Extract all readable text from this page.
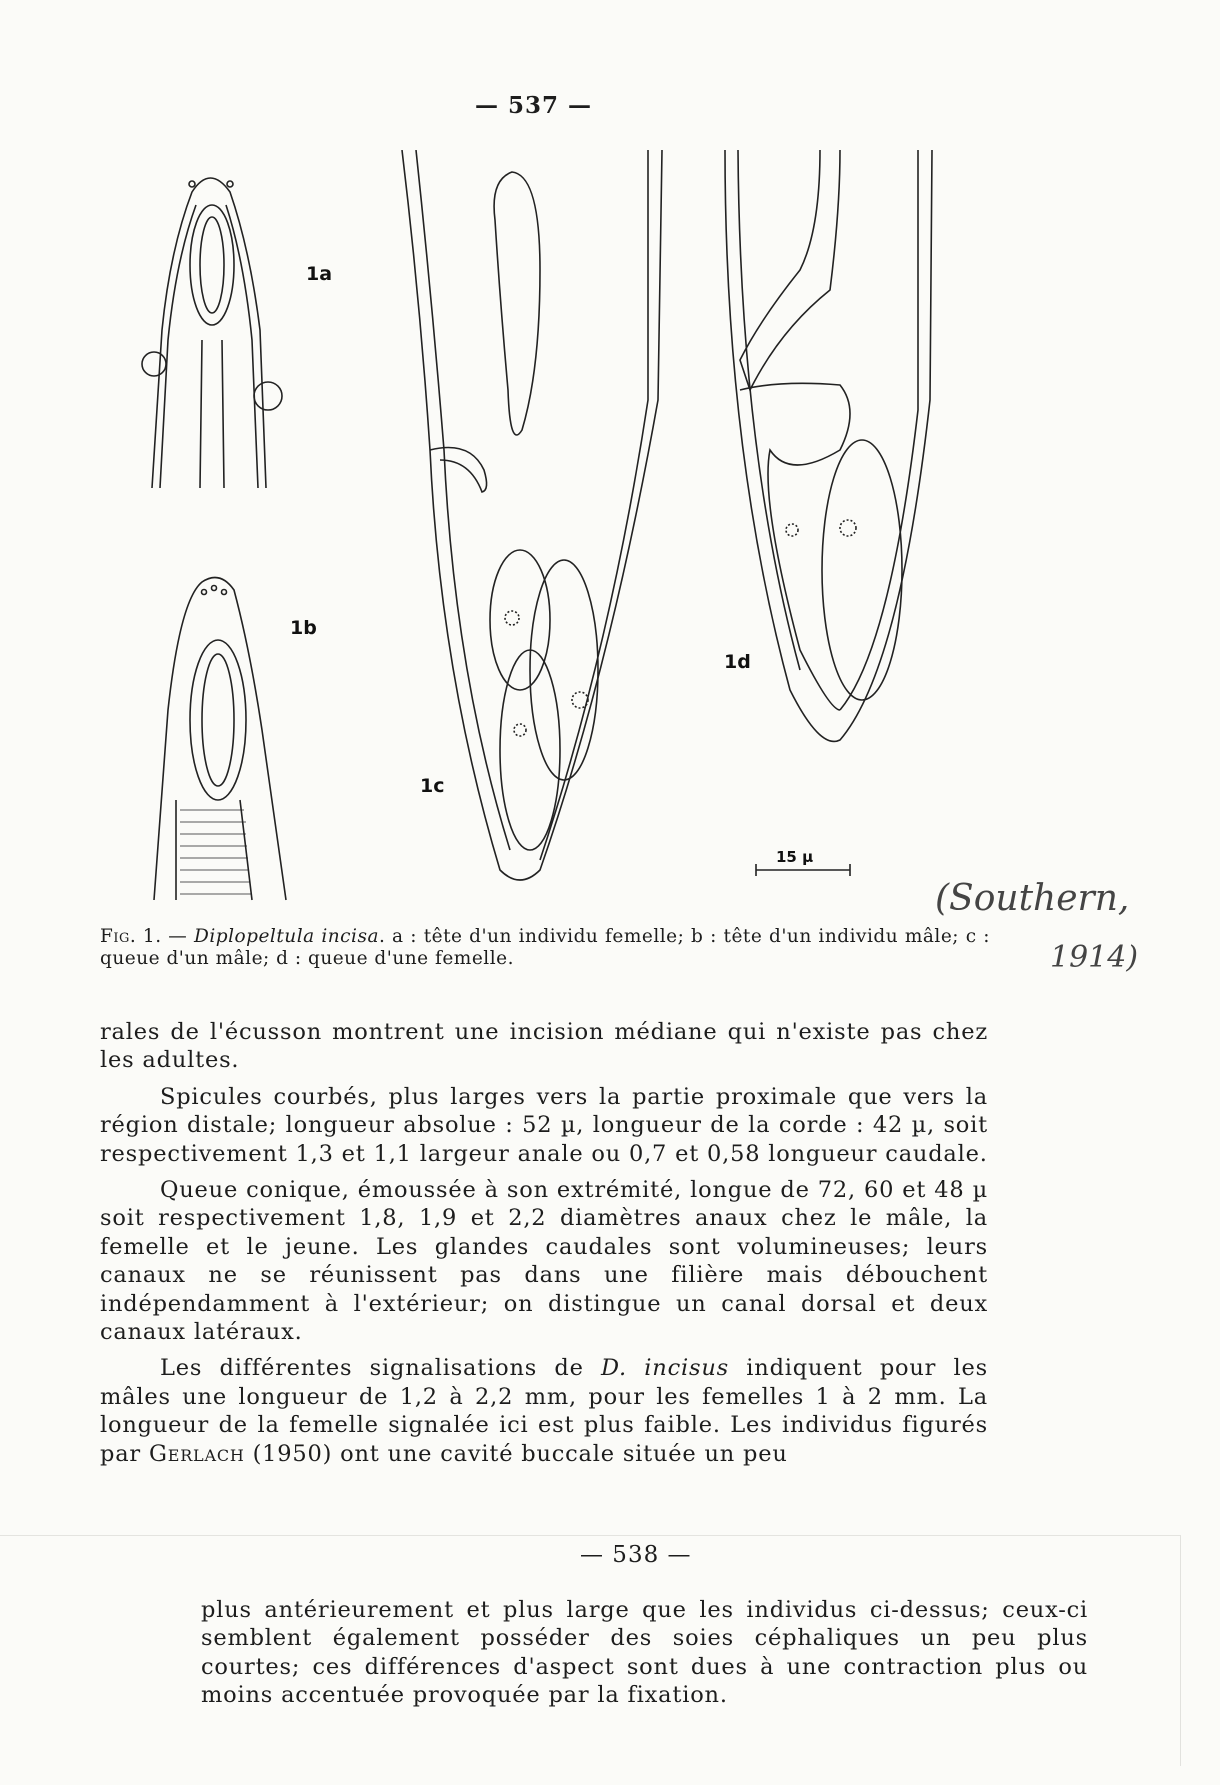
— 537 —
1a
1b
1c
1d
15 µ
Fig. 1. — Diplopeltula incisa. a : tête d'un individu femelle; b : tête d'un individu mâle; c : queue d'un mâle; d : queue d'une femelle.
(Southern,
1914)

rales de l'écusson montrent une incision médiane qui n'existe pas chez les adultes.

Spicules courbés, plus larges vers la partie proximale que vers la région distale; longueur absolue : 52 µ, longueur de la corde : 42 µ, soit respectivement 1,3 et 1,1 largeur anale ou 0,7 et 0,58 longueur caudale.

Queue conique, émoussée à son extrémité, longue de 72, 60 et 48 µ soit respectivement 1,8, 1,9 et 2,2 diamètres anaux chez le mâle, la femelle et le jeune. Les glandes caudales sont volumineuses; leurs canaux ne se réunissent pas dans une filière mais débouchent indépendamment à l'extérieur; on distingue un canal dorsal et deux canaux latéraux.

Les différentes signalisations de D. incisus indiquent pour les mâles une longueur de 1,2 à 2,2 mm, pour les femelles 1 à 2 mm. La longueur de la femelle signalée ici est plus faible. Les individus figurés par Gerlach (1950) ont une cavité buccale située un peu

— 538 —

plus antérieurement et plus large que les individus ci-dessus; ceux-ci semblent également posséder des soies céphaliques un peu plus courtes; ces différences d'aspect sont dues à une contraction plus ou moins accentuée provoquée par la fixation.
